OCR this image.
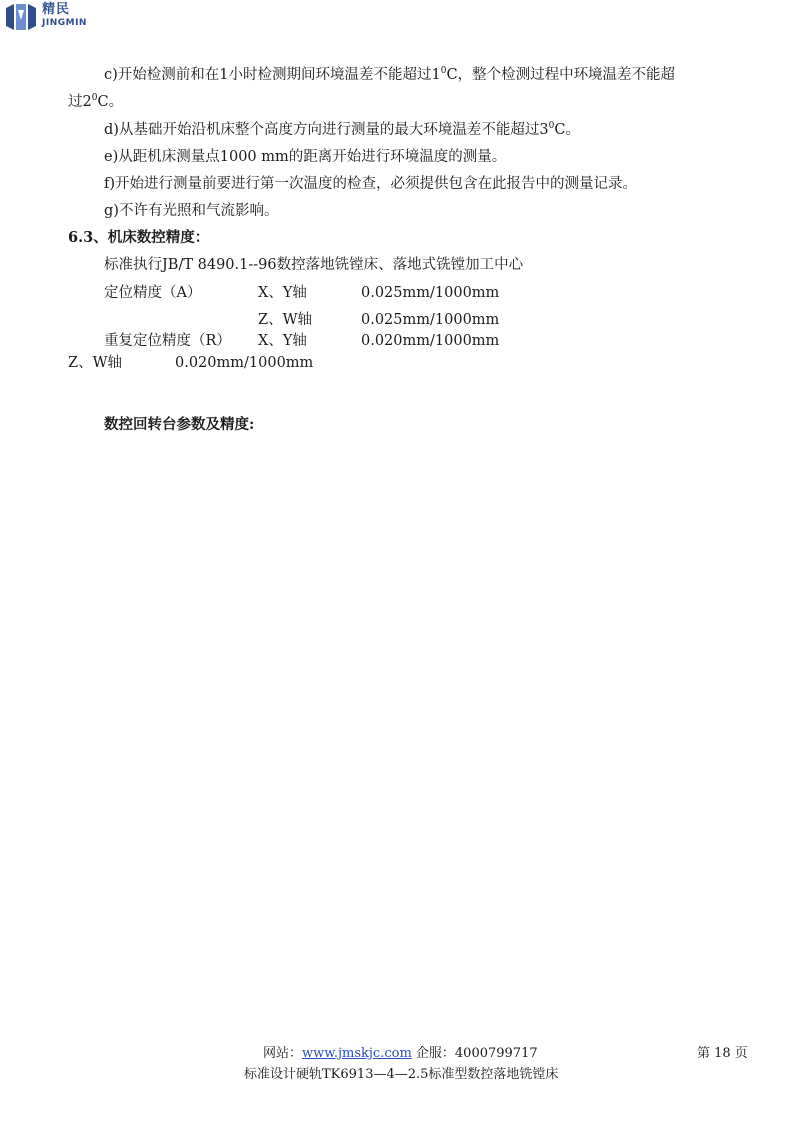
精民
JINGMIN
c)开始检测前和在1小时检测期间环境温差不能超过$1^0C$，整个检测过程中环境温差不能超
过$2^0C$。
d)从基础开始沿机床整个高度方向进行测量的最大环境温差不能超过$3^0C$。
e)从距机床测量点1000 mm的距离开始进行环境温度的测量。
f)开始进行测量前要进行第一次温度的检查，必须提供包含在此报告中的测量记录。
g)不许有光照和气流影响。
6.3、机床数控精度：
标准执行JB/T 8490.1--96数控落地铣镗床、落地式铣镗加工中心
定位精度（A）	X、Y轴	0.025mm/1000mm
Z、W轴	0.025mm/1000mm
重复定位精度（R） X、Y轴	0.020mm/1000mm
Z、W轴	0.020mm/1000mm
数控回转台参数及精度:
网站：www.jmskjc.com 企服：4000799717	第 18 页
标准设计硬轨TK6913—4—2.5标准型数控落地铣镗床
